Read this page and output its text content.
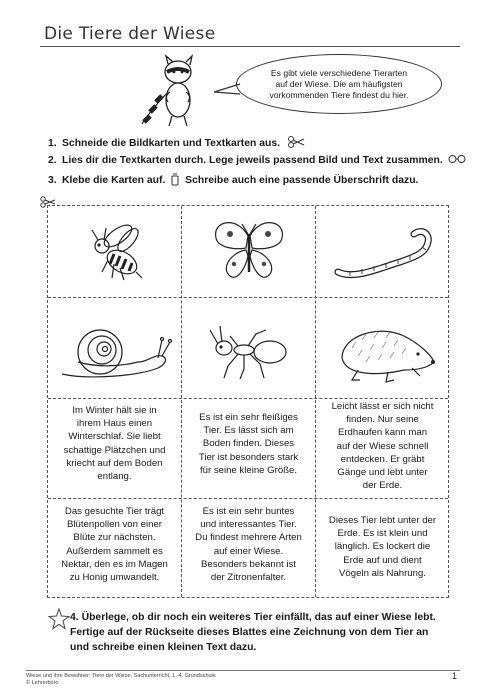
Die Tiere der Wiese
Es gibt viele verschiedene Tierarten
auf der Wiese. Die am häufigsten
vorkommenden Tiere findest du hier.
1. Schneide die Bildkarten und Textkarten aus.
2. Lies dir die Textkarten durch. Lege jeweils passend Bild und Text zusammen.
3. Klebe die Karten auf. Schreibe auch eine passende Überschrift dazu.
Im Winter hält sie in
ihrem Haus einen
Winterschlaf. Sie liebt
schattige Plätzchen und
kriecht auf dem Boden
entlang.
Es ist ein sehr fleißiges
Tier. Es lässt sich am
Boden finden. Dieses
Tier ist besonders stark
für seine kleine Größe.
Leicht lässt er sich nicht
finden. Nur seine
Erdhaufen kann man
auf der Wiese schnell
entdecken. Er gräbt
Gänge und lebt unter
der Erde.
Das gesuchte Tier trägt
Blütenpollen von einer
Blüte zur nächsten.
Außerdem sammelt es
Nektar, den es im Magen
zu Honig umwandelt.
Es ist ein sehr buntes
und interessantes Tier.
Du findest mehrere Arten
auf einer Wiese.
Besonders bekannt ist
der Zitronenfalter.
Dieses Tier lebt unter der
Erde. Es ist klein und
länglich. Es lockert die
Erde auf und dient
Vögeln als Nahrung.
4. Überlege, ob dir noch ein weiteres Tier einfällt, das auf einer Wiese lebt.
Fertige auf der Rückseite dieses Blattes eine Zeichnung von dem Tier an
und schreibe einen kleinen Text dazu.
Wiese und ihre Bewohner: Tiere der Wiese, Sachunterricht, 1.-4. Grundschule
© Lehrerbüro
1
